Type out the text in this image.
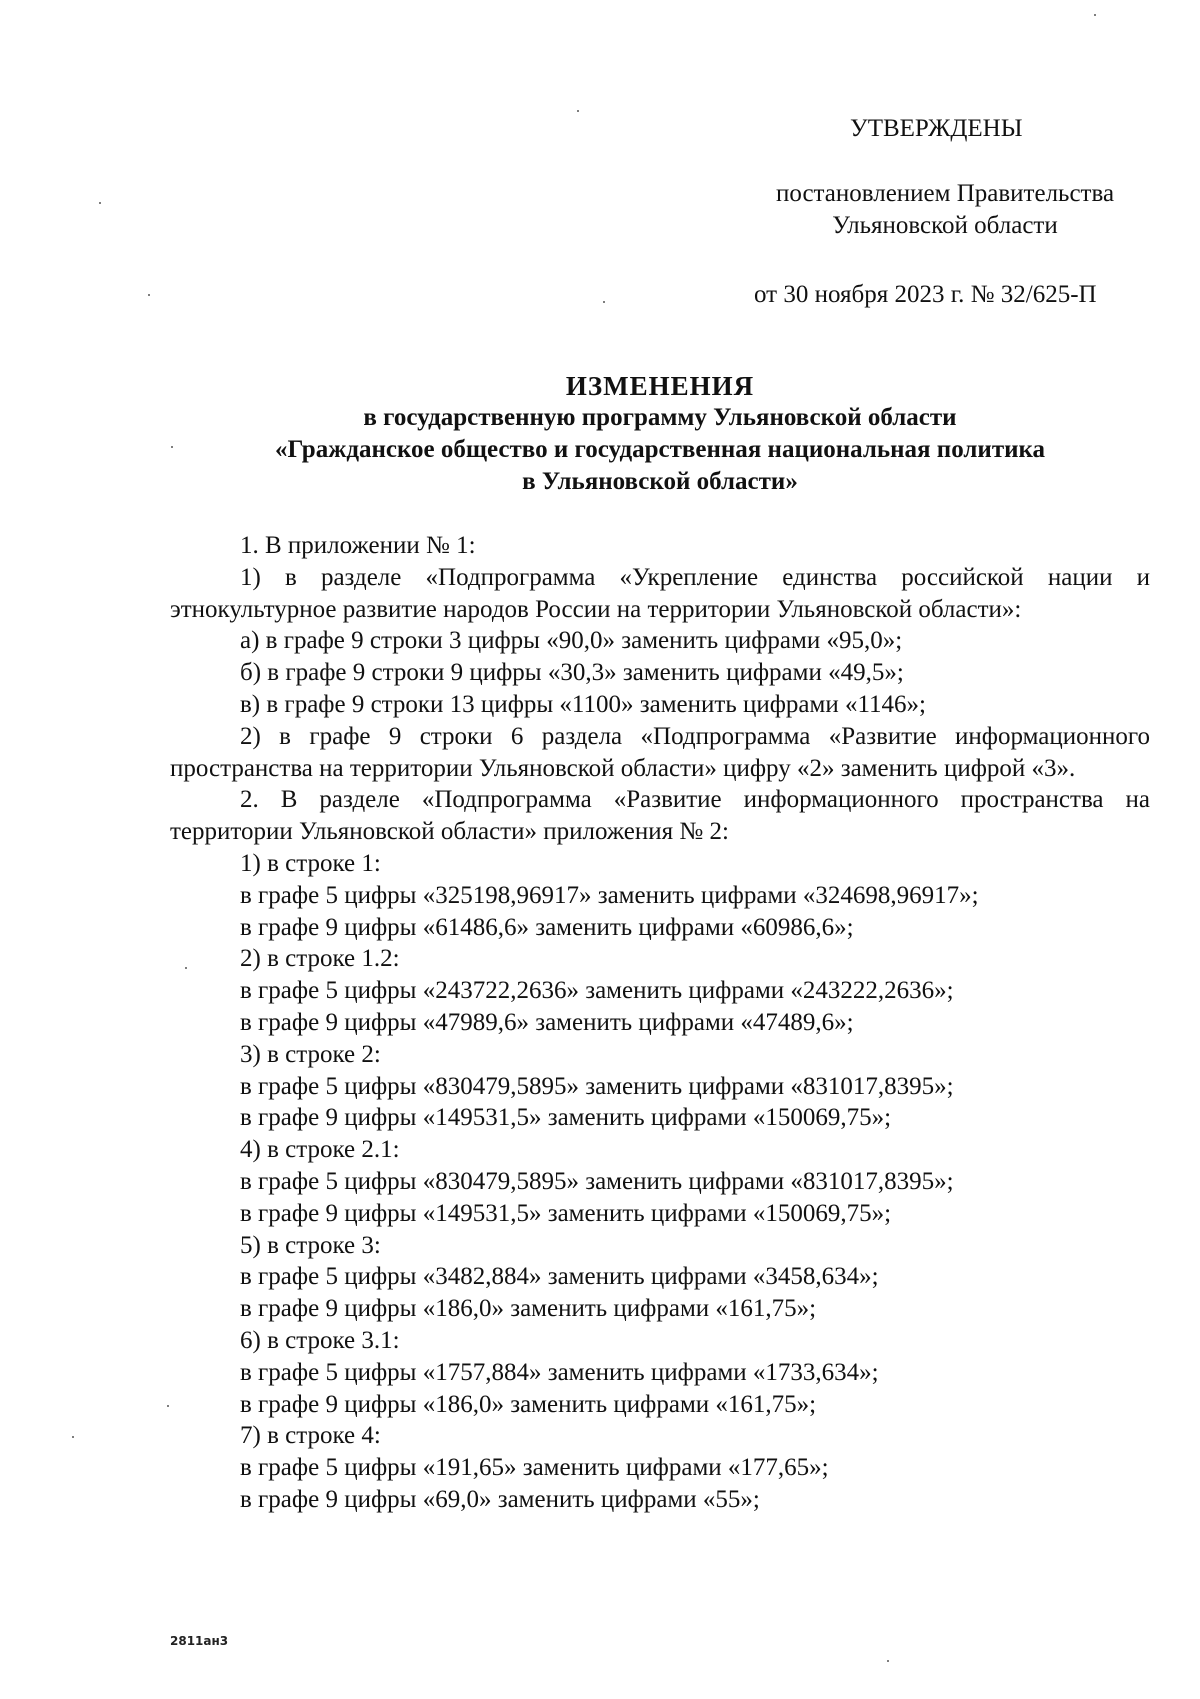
УТВЕРЖДЕНЫ
постановлением Правительства
Ульяновской области
от 30 ноября 2023 г. № 32/625-П
ИЗМЕНЕНИЯ
в государственную программу Ульяновской области
«Гражданское общество и государственная национальная политика
в Ульяновской области»

1. В приложении № 1:

1) в разделе «Подпрограмма «Укрепление единства российской нации и этнокультурное развитие народов России на территории Ульяновской области»:

а) в графе 9 строки 3 цифры «90,0» заменить цифрами «95,0»;

б) в графе 9 строки 9 цифры «30,3» заменить цифрами «49,5»;

в) в графе 9 строки 13 цифры «1100» заменить цифрами «1146»;

2) в графе 9 строки 6 раздела «Подпрограмма «Развитие информационного пространства на территории Ульяновской области» цифру «2» заменить цифрой «3».

2. В разделе «Подпрограмма «Развитие информационного пространства на территории Ульяновской области» приложения № 2:

1) в строке 1:

в графе 5 цифры «325198,96917» заменить цифрами «324698,96917»;

в графе 9 цифры «61486,6» заменить цифрами «60986,6»;

2) в строке 1.2:

в графе 5 цифры «243722,2636» заменить цифрами «243222,2636»;

в графе 9 цифры «47989,6» заменить цифрами «47489,6»;

3) в строке 2:

в графе 5 цифры «830479,5895» заменить цифрами «831017,8395»;

в графе 9 цифры «149531,5» заменить цифрами «150069,75»;

4) в строке 2.1:

в графе 5 цифры «830479,5895» заменить цифрами «831017,8395»;

в графе 9 цифры «149531,5» заменить цифрами «150069,75»;

5) в строке 3:

в графе 5 цифры «3482,884» заменить цифрами «3458,634»;

в графе 9 цифры «186,0» заменить цифрами «161,75»;

6) в строке 3.1:

в графе 5 цифры «1757,884» заменить цифрами «1733,634»;

в графе 9 цифры «186,0» заменить цифрами «161,75»;

7) в строке 4:

в графе 5 цифры «191,65» заменить цифрами «177,65»;

в графе 9 цифры «69,0» заменить цифрами «55»;

2811ан3
